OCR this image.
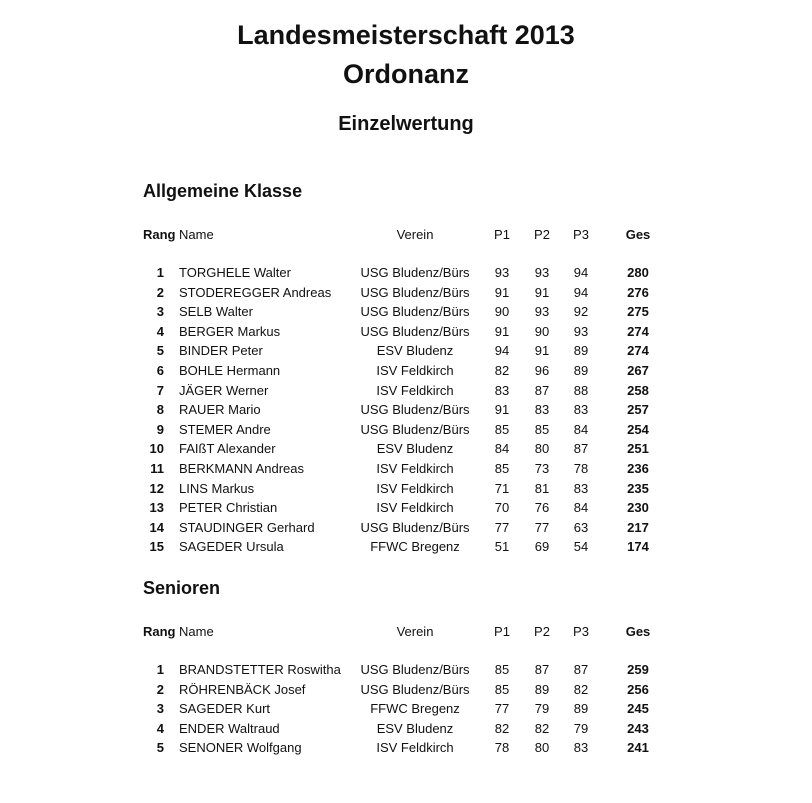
Landesmeisterschaft 2013
Ordonanz
Einzelwertung
Allgemeine Klasse
Rang Name	Verein	P1	P2	P3	Ges
1 TORGHELE Walter	USG Bludenz/Bürs	93	93	94	280
2 STODEREGGER Andreas	USG Bludenz/Bürs	91	91	94	276
3 SELB Walter	USG Bludenz/Bürs	90	93	92	275
4 BERGER Markus	USG Bludenz/Bürs	91	90	93	274
5 BINDER Peter	ESV Bludenz	94	91	89	274
6 BOHLE Hermann	ISV Feldkirch	82	96	89	267
7 JÄGER Werner	ISV Feldkirch	83	87	88	258
8 RAUER Mario	USG Bludenz/Bürs	91	83	83	257
9 STEMER Andre	USG Bludenz/Bürs	85	85	84	254
10 FAIßT Alexander	ESV Bludenz	84	80	87	251
11 BERKMANN Andreas	ISV Feldkirch	85	73	78	236
12 LINS Markus	ISV Feldkirch	71	81	83	235
13 PETER Christian	ISV Feldkirch	70	76	84	230
14 STAUDINGER Gerhard	USG Bludenz/Bürs	77	77	63	217
15 SAGEDER Ursula	FFWC Bregenz	51	69	54	174
Senioren
Rang Name	Verein	P1	P2	P3	Ges
1 BRANDSTETTER Roswitha	USG Bludenz/Bürs	85	87	87	259
2 RÖHRENBÄCK Josef	USG Bludenz/Bürs	85	89	82	256
3 SAGEDER Kurt	FFWC Bregenz	77	79	89	245
4 ENDER Waltraud	ESV Bludenz	82	82	79	243
5 SENONER Wolfgang	ISV Feldkirch	78	80	83	241
